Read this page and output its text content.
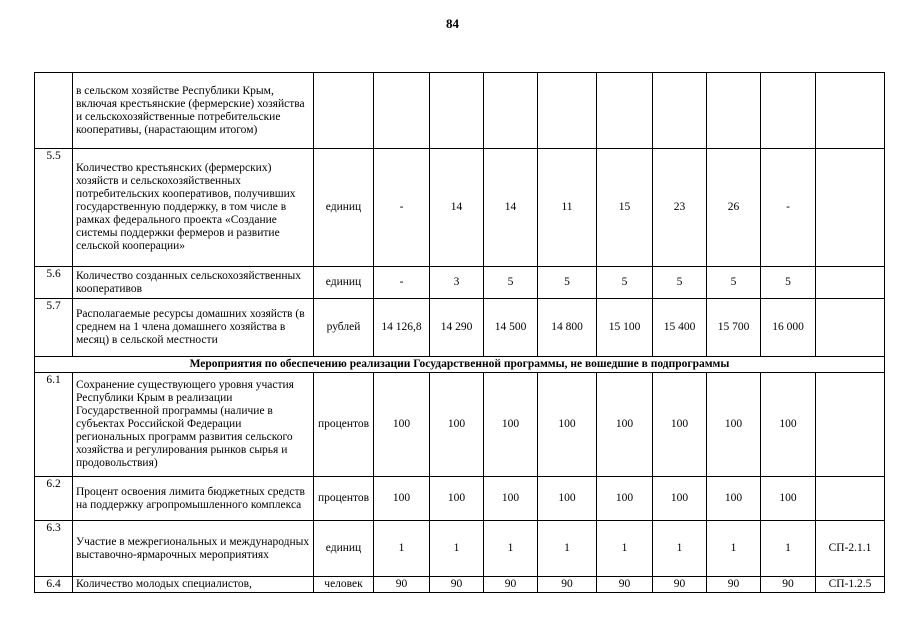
84
	в сельском хозяйстве Республики Крым, включая крестьянские (фермерские) хозяйства и сельскохозяйственные потребительские кооперативы, (нарастающим итогом)										
5.5	Количество крестьянских (фермерских) хозяйств и сельскохозяйственных потребительских кооперативов, получивших государственную поддержку, в том числе в рамках федерального проекта «Создание системы поддержки фермеров и развитие сельской кооперации»	единиц	-	14	14	11	15	23	26	-	
5.6	Количество созданных сельскохозяйственных кооперативов	единиц	-	3	5	5	5	5	5	5	
5.7	Располагаемые ресурсы домашних хозяйств (в среднем на 1 члена домашнего хозяйства в месяц) в сельской местности	рублей	14 126,8	14 290	14 500	14 800	15 100	15 400	15 700	16 000	
Мероприятия по обеспечению реализации Государственной программы, не вошедшие в подпрограммы											
6.1	Сохранение существующего уровня участия Республики Крым в реализации Государственной программы (наличие в субъектах Российской Федерации региональных программ развития сельского хозяйства и регулирования рынков сырья и продовольствия)	процентов	100	100	100	100	100	100	100	100	
6.2	Процент освоения лимита бюджетных средств на поддержку агропромышленного комплекса	процентов	100	100	100	100	100	100	100	100	
6.3	Участие в межрегиональных и международных выставочно-ярмарочных мероприятиях	единиц	1	1	1	1	1	1	1	1	СП-2.1.1
6.4	Количество молодых специалистов,	человек	90	90	90	90	90	90	90	90	СП-1.2.5
